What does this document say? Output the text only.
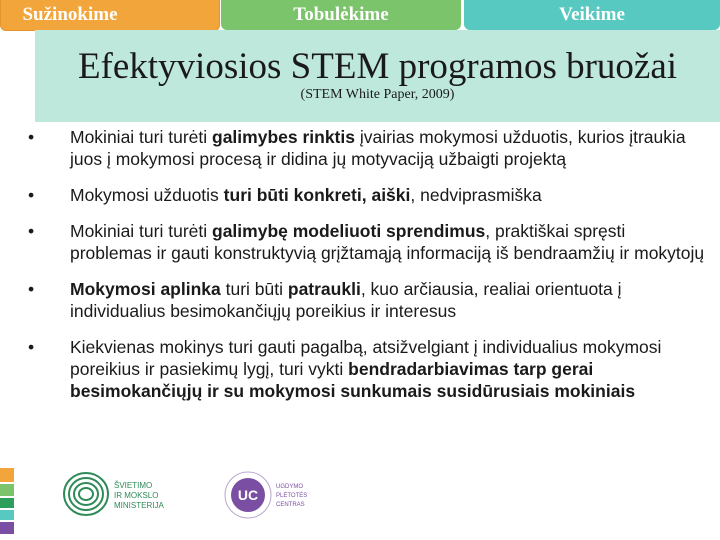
Sužinokime	Tobulėkime	Veikime
Efektyviosios STEM programos bruožai
(STEM White Paper, 2009)
• Mokiniai turi turėti galimybes rinktis įvairias mokymosi užduotis, kurios įtraukia juos į mokymosi procesą ir didina jų motyvaciją užbaigti projektą
• Mokymosi užduotis turi būti konkreti, aiški, nedviprasmiška
• Mokiniai turi turėti galimybę modeliuoti sprendimus, praktiškai spręsti problemas ir gauti konstruktyvią grįžtamąją informaciją iš bendraamžių ir mokytojų
• Mokymosi aplinka turi būti patraukli, kuo arčiausia, realiai orientuota į individualius besimokančiųjų poreikius ir interesus
• Kiekvienas mokinys turi gauti pagalbą, atsižvelgiant į individualius mokymosi poreikius ir pasiekimų lygį, turi vykti bendradarbiavimas tarp gerai besimokančiųjų ir su mokymosi sunkumais susidūrusiais mokiniais
ŠVIETIMO
IR MOKSLO
MINISTERIJA
UC	UGDYMO
PLĖTOTĖS
CENTRAS
